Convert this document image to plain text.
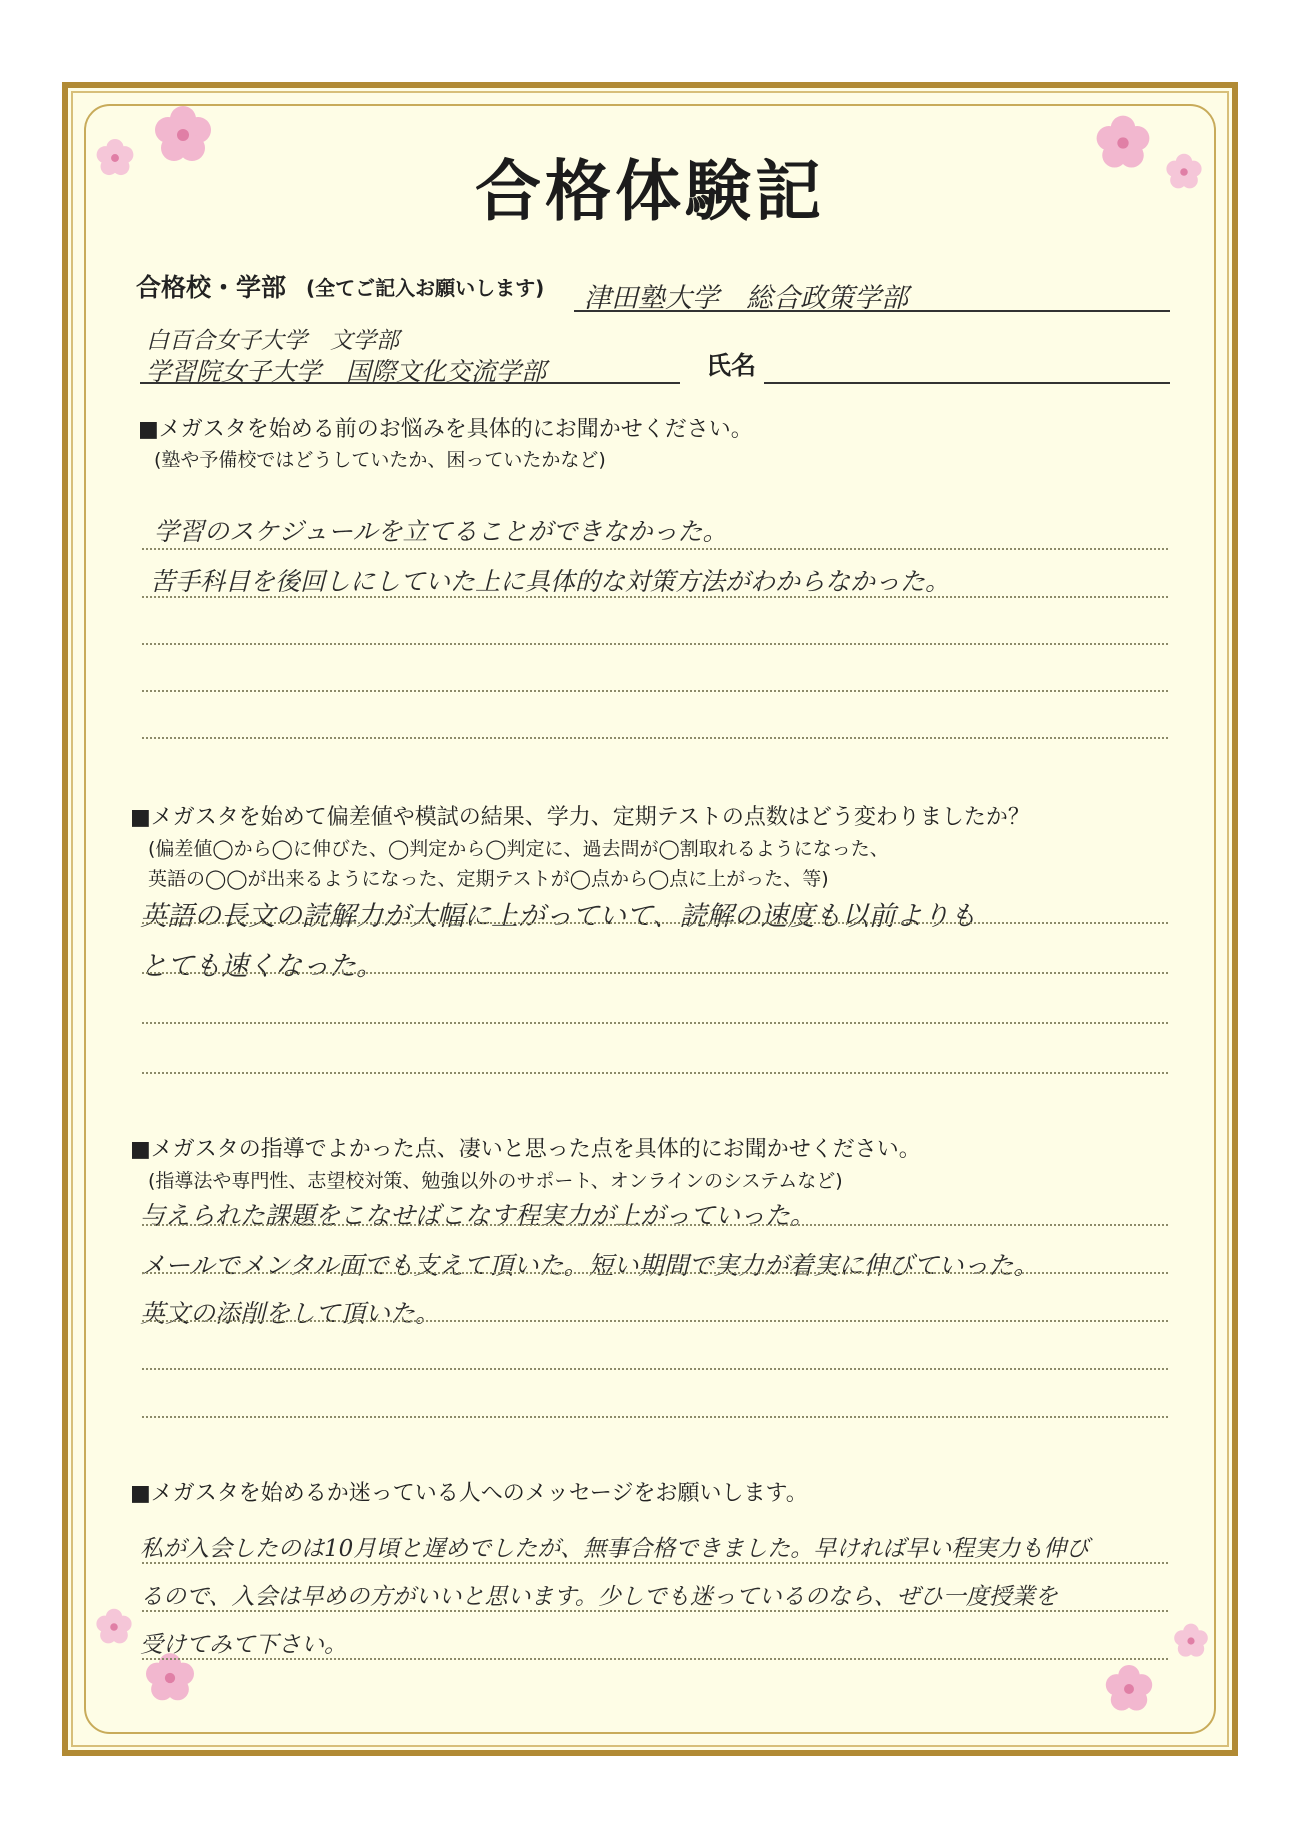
合格体験記
合格校・学部 (全てご記入お願いします) 津田塾大学　総合政策学部
白百合女子大学　文学部
学習院女子大学　国際文化交流学部	氏名
■メガスタを始める前のお悩みを具体的にお聞かせください。
(塾や予備校ではどうしていたか、困っていたかなど)
学習のスケジュールを立てることができなかった。
苦手科目を後回しにしていた上に具体的な対策方法がわからなかった。
■メガスタを始めて偏差値や模試の結果、学力、定期テストの点数はどう変わりましたか？
(偏差値◯から◯に伸びた、◯判定から◯判定に、過去問が◯割取れるようになった、
英語の◯◯が出来るようになった、定期テストが◯点から◯点に上がった、等)
英語の長文の読解力が大幅に上がっていて、読解の速度も以前よりも
とても速くなった。
■メガスタの指導でよかった点、凄いと思った点を具体的にお聞かせください。
(指導法や専門性、志望校対策、勉強以外のサポート、オンラインのシステムなど)
与えられた課題をこなせばこなす程実力が上がっていった。
メールでメンタル面でも支えて頂いた。短い期間で実力が着実に伸びていった。
英文の添削をして頂いた。
■メガスタを始めるか迷っている人へのメッセージをお願いします。
私が入会したのは10月頃と遅めでしたが、無事合格できました。早ければ早い程実力も伸び
るので、入会は早めの方がいいと思います。少しでも迷っているのなら、ぜひ一度授業を
受けてみて下さい。
